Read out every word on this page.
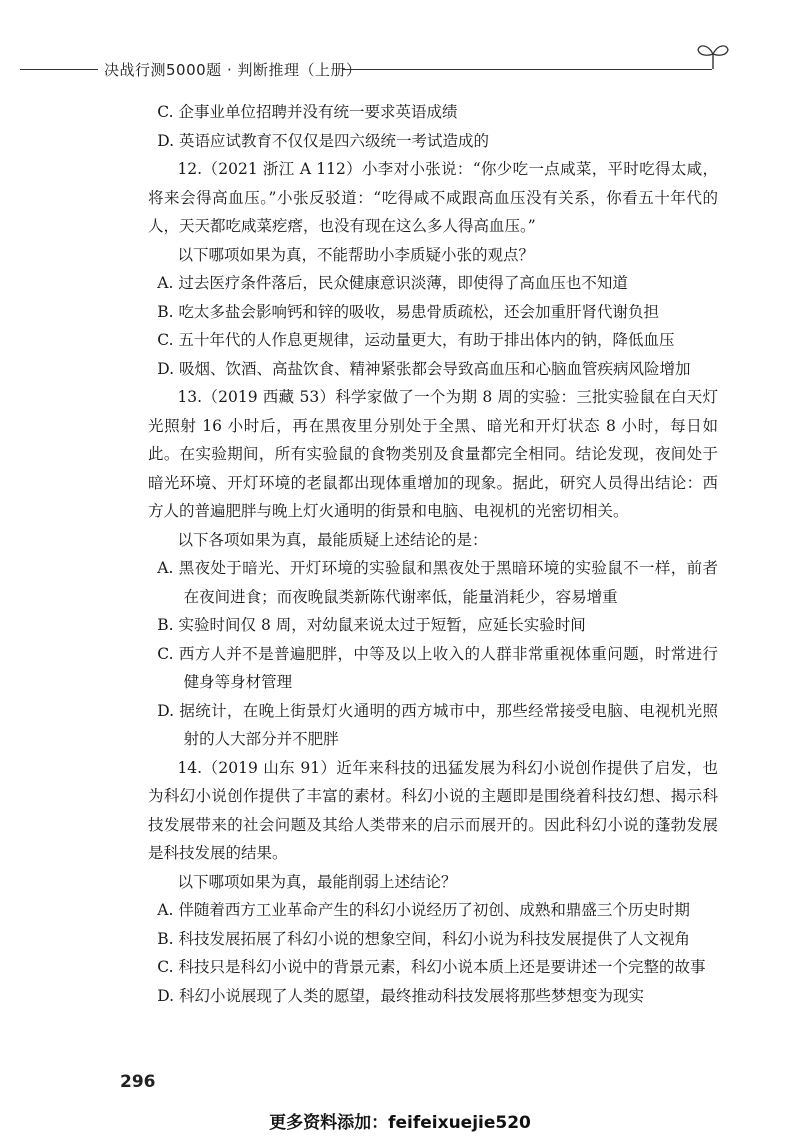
决战行测5000题 · 判断推理（上册）

C. 企事业单位招聘并没有统一要求英语成绩

D. 英语应试教育不仅仅是四六级统一考试造成的

12.（2021 浙江 A 112）小李对小张说：“你少吃一点咸菜，平时吃得太咸，将来会得高血压。”小张反驳道：“吃得咸不咸跟高血压没有关系，你看五十年代的人，天天都吃咸菜疙瘩，也没有现在这么多人得高血压。”

以下哪项如果为真，不能帮助小李质疑小张的观点？

A. 过去医疗条件落后，民众健康意识淡薄，即使得了高血压也不知道

B. 吃太多盐会影响钙和锌的吸收，易患骨质疏松，还会加重肝肾代谢负担

C. 五十年代的人作息更规律，运动量更大，有助于排出体内的钠，降低血压

D. 吸烟、饮酒、高盐饮食、精神紧张都会导致高血压和心脑血管疾病风险增加

13.（2019 西藏 53）科学家做了一个为期 8 周的实验：三批实验鼠在白天灯光照射 16 小时后，再在黑夜里分别处于全黑、暗光和开灯状态 8 小时，每日如此。在实验期间，所有实验鼠的食物类别及食量都完全相同。结论发现，夜间处于暗光环境、开灯环境的老鼠都出现体重增加的现象。据此，研究人员得出结论：西方人的普遍肥胖与晚上灯火通明的街景和电脑、电视机的光密切相关。

以下各项如果为真，最能质疑上述结论的是：

A. 黑夜处于暗光、开灯环境的实验鼠和黑夜处于黑暗环境的实验鼠不一样，前者在夜间进食；而夜晚鼠类新陈代谢率低，能量消耗少，容易增重

B. 实验时间仅 8 周，对幼鼠来说太过于短暂，应延长实验时间

C. 西方人并不是普遍肥胖，中等及以上收入的人群非常重视体重问题，时常进行健身等身材管理

D. 据统计，在晚上街景灯火通明的西方城市中，那些经常接受电脑、电视机光照射的人大部分并不肥胖

14.（2019 山东 91）近年来科技的迅猛发展为科幻小说创作提供了启发，也为科幻小说创作提供了丰富的素材。科幻小说的主题即是围绕着科技幻想、揭示科技发展带来的社会问题及其给人类带来的启示而展开的。因此科幻小说的蓬勃发展是科技发展的结果。

以下哪项如果为真，最能削弱上述结论？

A. 伴随着西方工业革命产生的科幻小说经历了初创、成熟和鼎盛三个历史时期

B. 科技发展拓展了科幻小说的想象空间，科幻小说为科技发展提供了人文视角

C. 科技只是科幻小说中的背景元素，科幻小说本质上还是要讲述一个完整的故事

D. 科幻小说展现了人类的愿望，最终推动科技发展将那些梦想变为现实

296
更多资料添加：feifeixuejie520
